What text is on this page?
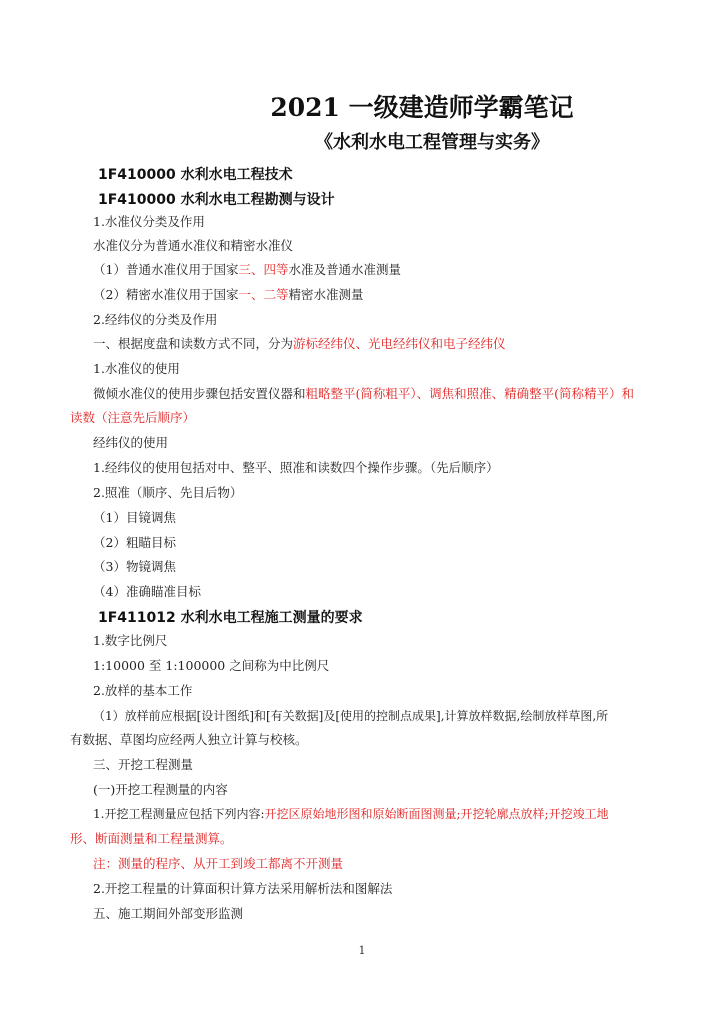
2021 一级建造师学霸笔记
《水利水电工程管理与实务》
1F410000 水利水电工程技术
1F410000 水利水电工程勘测与设计
1.水准仪分类及作用
水准仪分为普通水准仪和精密水准仪
（1）普通水准仪用于国家三、四等水准及普通水准测量
（2）精密水准仪用于国家一、二等精密水准测量
2.经纬仪的分类及作用
一、根据度盘和读数方式不同，分为游标经纬仪、光电经纬仪和电子经纬仪
1.水准仪的使用
微倾水准仪的使用步骤包括安置仪器和粗略整平(简称粗平）、调焦和照准、精确整平(简称精平）和
读数（注意先后顺序）
经纬仪的使用
1.经纬仪的使用包括对中、整平、照准和读数四个操作步骤。（先后顺序）
2.照准（顺序、先目后物）
（1）目镜调焦
（2）粗瞄目标
（3）物镜调焦
（4）准确瞄准目标
1F411012 水利水电工程施工测量的要求
1.数字比例尺
1:10000 至 1:100000 之间称为中比例尺
2.放样的基本工作
（1）放样前应根据[设计图纸]和[有关数据]及[使用的控制点成果],计算放样数据,绘制放样草图,所
有数据、草图均应经两人独立计算与校核。
三、开挖工程测量
(一)开挖工程测量的内容
1.开挖工程测量应包括下列内容:开挖区原始地形图和原始断面图测量;开挖轮廓点放样;开挖竣工地
形、断面测量和工程量测算。
注：测量的程序、从开工到竣工都离不开测量
2.开挖工程量的计算面积计算方法采用解析法和图解法
五、施工期间外部变形监测
1
